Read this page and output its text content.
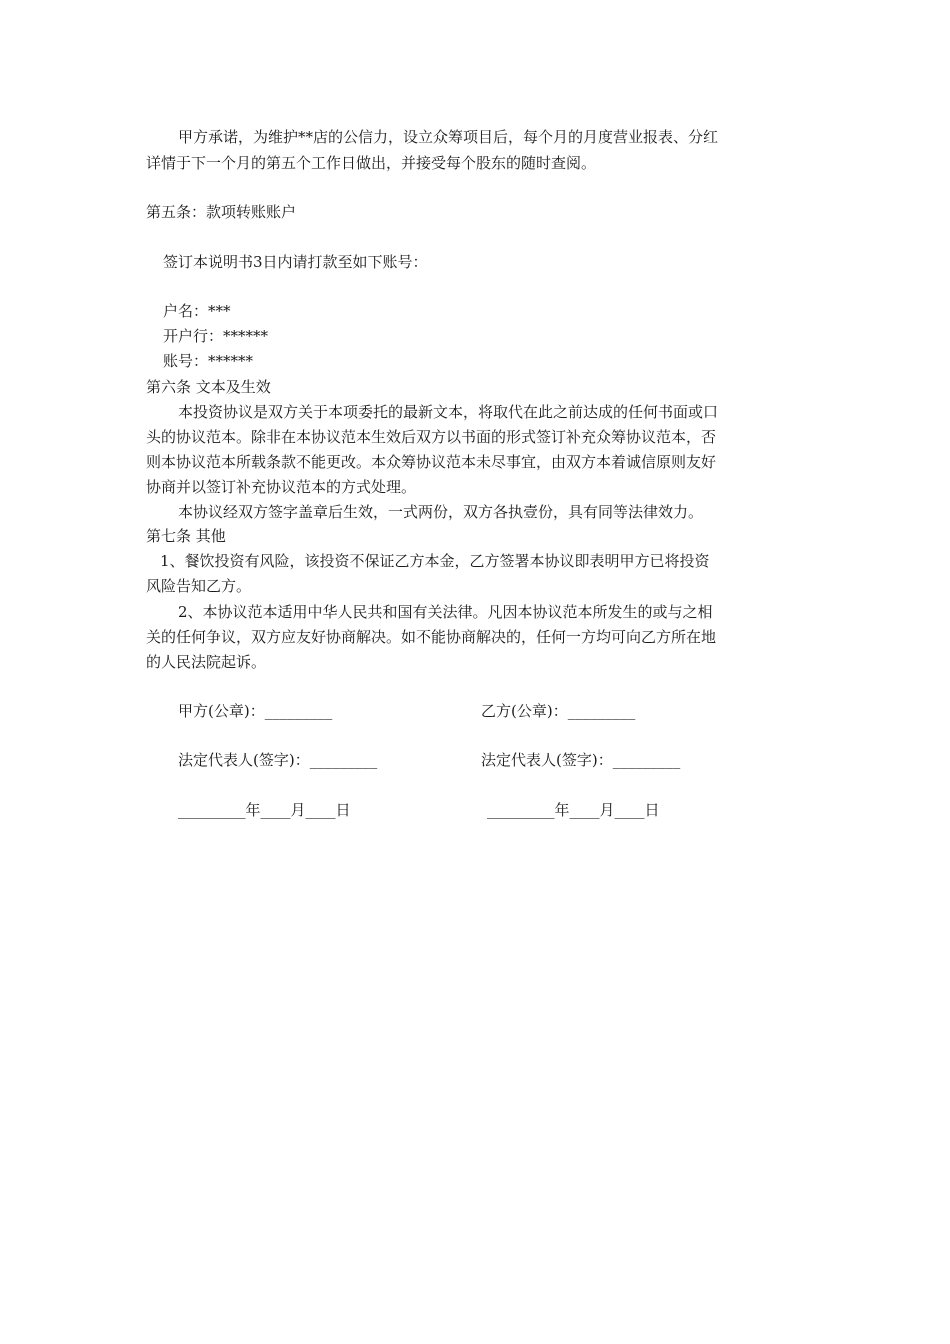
甲方承诺，为维护**店的公信力，设立众筹项目后，每个月的月度营业报表、分红
详情于下一个月的第五个工作日做出，并接受每个股东的随时查阅。
第五条：款项转账账户
签订本说明书3日内请打款至如下账号：
户名：***
开户行：******
账号：******
第六条 文本及生效
本投资协议是双方关于本项委托的最新文本，将取代在此之前达成的任何书面或口
头的协议范本。除非在本协议范本生效后双方以书面的形式签订补充众筹协议范本，否
则本协议范本所载条款不能更改。本众筹协议范本未尽事宜，由双方本着诚信原则友好
协商并以签订补充协议范本的方式处理。
本协议经双方签字盖章后生效，一式两份，双方各执壹份，具有同等法律效力。
第七条 其他
1、餐饮投资有风险，该投资不保证乙方本金，乙方签署本协议即表明甲方已将投资
风险告知乙方。
2、本协议范本适用中华人民共和国有关法律。凡因本协议范本所发生的或与之相
关的任何争议，双方应友好协商解决。如不能协商解决的，任何一方均可向乙方所在地
的人民法院起诉。
甲方(公章)：_________	乙方(公章)：_________
法定代表人(签字)：_________	法定代表人(签字)：_________
_________年____月____日	_________年____月____日
